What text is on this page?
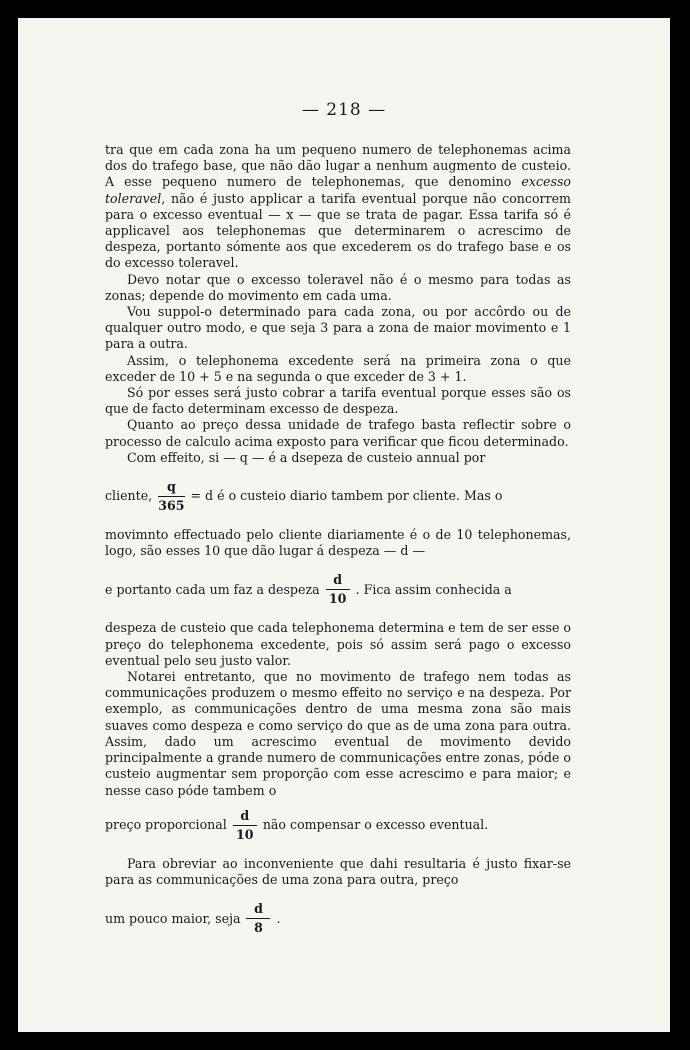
— 218 —

tra que em cada zona ha um pequeno numero de telephonemas acima dos do trafego base, que não dão lugar a nenhum augmento de custeio. A esse pequeno numero de telephonemas, que denomino excesso toleravel, não é justo applicar a tarifa eventual porque não concorrem para o excesso eventual — x — que se trata de pagar. Essa tarifa só é applicavel aos telephonemas que determinarem o acrescimo de despeza, portanto sómente aos que excederem os do trafego base e os do excesso toleravel.

Devo notar que o excesso toleravel não é o mesmo para todas as zonas; depende do movimento em cada uma.

Vou suppol-o determinado para cada zona, ou por accôrdo ou de qualquer outro modo, e que seja 3 para a zona de maior movimento e 1 para a outra.

Assim, o telephonema excedente será na primeira zona o que exceder de 10 + 5 e na segunda o que exceder de 3 + 1.

Só por esses será justo cobrar a tarifa eventual porque esses são os que de facto determinam excesso de despeza.

Quanto ao preço dessa unidade de trafego basta reflectir sobre o processo de calculo acima exposto para verificar que ficou determinado.

Com effeito, si — q — é a dsepeza de custeio annual por

cliente, $\frac{q}{365} = d$ é o custeio diario tambem por cliente. Mas o

movimnto effectuado pelo cliente diariamente é o de 10 telephonemas, logo, são esses 10 que dão lugar á despeza — d —

e portanto cada um faz a despeza $\frac{d}{10}$ . Fica assim conhecida a

despeza de custeio que cada telephonema determina e tem de ser esse o preço do telephonema excedente, pois só assim será pago o excesso eventual pelo seu justo valor.

Notarei entretanto, que no movimento de trafego nem todas as communicações produzem o mesmo effeito no serviço e na despeza. Por exemplo, as communicações dentro de uma mesma zona são mais suaves como despeza e como serviço do que as de uma zona para outra. Assim, dado um acrescimo eventual de movimento devido principalmente a grande numero de communicações entre zonas, póde o custeio augmentar sem proporção com esse acrescimo e para maior; e nesse caso póde tambem o

preço proporcional $\frac{d}{10}$ não compensar o excesso eventual.

Para obreviar ao inconveniente que dahi resultaria é justo fixar-se para as communicações de uma zona para outra, preço

um pouco maior, seja $\frac{d}{8}$ .
